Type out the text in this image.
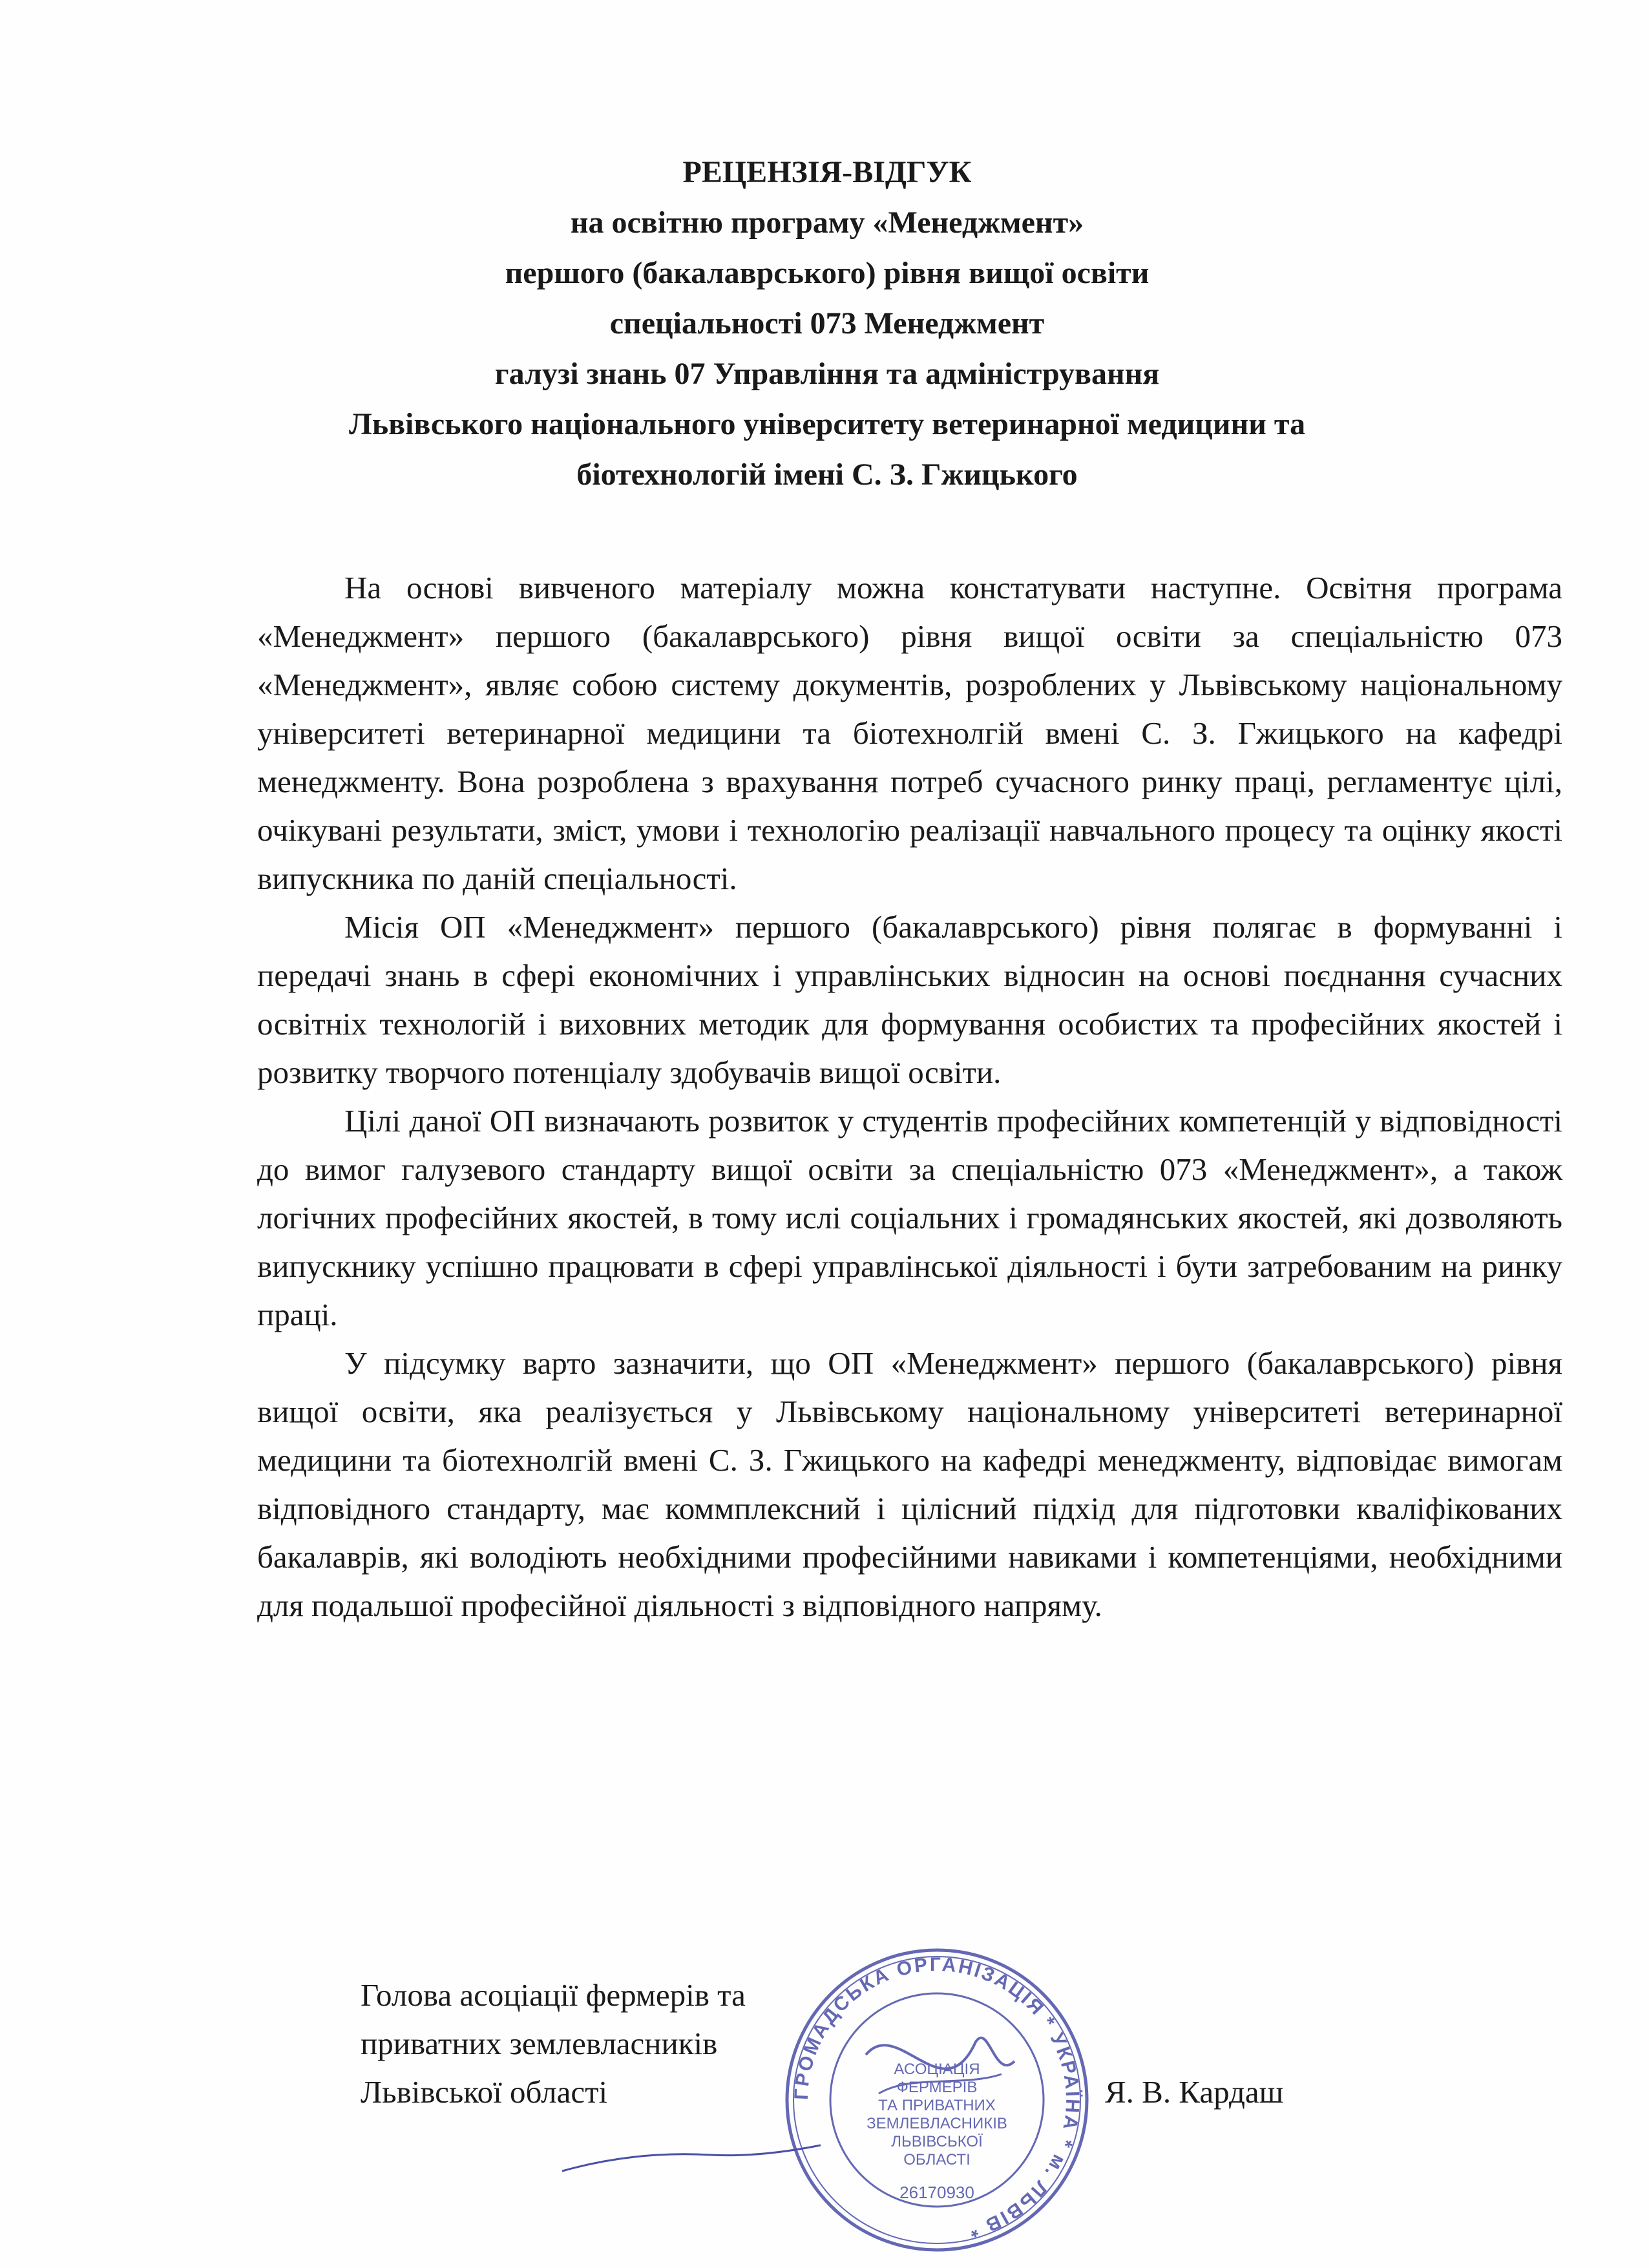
РЕЦЕНЗІЯ-ВІДГУК
на освітню програму «Менеджмент»
першого (бакалаврського) рівня вищої освіти
спеціальності 073 Менеджмент
галузі знань 07 Управління та адміністрування
Львівського національного університету ветеринарної медицини та
біотехнологій імені С. З. Гжицького

На основі вивченого матеріалу можна констатувати наступне. Освітня програма «Менеджмент» першого (бакалаврського) рівня вищої освіти за спеціальністю 073 «Менеджмент», являє собою систему документів, розроблених у Львівському національному університеті ветеринарної медицини та біотехнолгій вмені С. З. Гжицького на кафедрі менеджменту. Вона розроблена з врахування потреб сучасного ринку праці, регламентує цілі, очікувані результати, зміст, умови і технологію реалізації навчального процесу та оцінку якості випускника по даній спеціальності.

Місія ОП «Менеджмент» першого (бакалаврського) рівня полягає в формуванні і передачі знань в сфері економічних і управлінських відносин на основі поєднання сучасних освітніх технологій і виховних методик для формування особистих та професійних якостей і розвитку творчого потенціалу здобувачів вищої освіти.

Цілі даної ОП визначають розвиток у студентів професійних компетенцій у відповідності до вимог галузевого стандарту вищої освіти за спеціальністю 073 «Менеджмент», а також логічних професійних якостей, в тому ислі соціальних і громадянських якостей, які дозволяють випускнику успішно працювати в сфері управлінської діяльності і бути затребованим на ринку праці.

У підсумку варто зазначити, що ОП «Менеджмент» першого (бакалаврського) рівня вищої освіти, яка реалізується у Львівському національному університеті ветеринарної медицини та біотехнолгій вмені С. З. Гжицького на кафедрі менеджменту, відповідає вимогам відповідного стандарту, має коммплексний і цілісний підхід для підготовки кваліфікованих бакалаврів, які володіють необхідними професійними навиками і компетенціями, необхідними для подальшої професійної діяльності з відповідного напряму.

Голова асоціації фермерів та
приватних землевласників
Львівської області	Я. В. Кардаш
ГРОМАДСЬКА ОРГАНІЗАЦІЯ * УКРАЇНА * м. ЛЬВІВ *
АСОЦІАЦІЯ
ФЕРМЕРІВ
ТА ПРИВАТНИХ
ЗЕМЛЕВЛАСНИКІВ
ЛЬВІВСЬКОЇ
ОБЛАСТІ
26170930
